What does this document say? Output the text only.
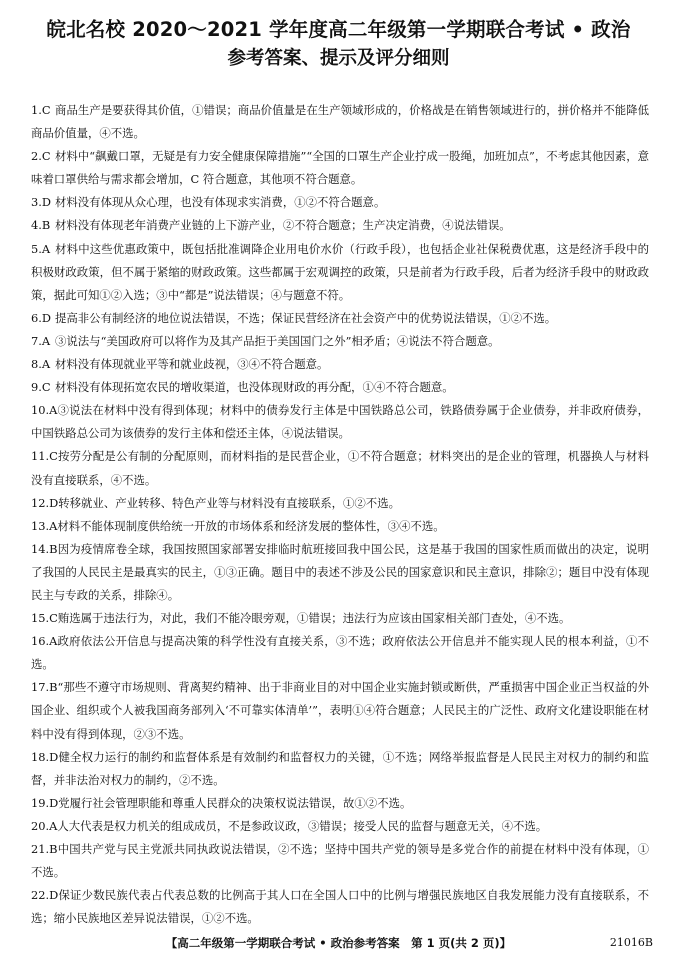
皖北名校 2020～2021 学年度高二年级第一学期联合考试 • 政治
参考答案、提示及评分细则

1.C 商品生产是要获得其价值，①错误；商品价值量是在生产领域形成的，价格战是在销售领域进行的，拼价格并不能降低商品价值量，④不选。

2.C 材料中“飙戴口罩，无疑是有力安全健康保障措施”“全国的口罩生产企业拧成一股绳，加班加点”，不考虑其他因素，意味着口罩供给与需求都会增加，C 符合题意，其他项不符合题意。

3.D 材料没有体现从众心理，也没有体现求实消费，①②不符合题意。

4.B 材料没有体现老年消费产业链的上下游产业，②不符合题意；生产决定消费，④说法错误。

5.A 材料中这些优惠政策中，既包括批准调降企业用电价水价（行政手段），也包括企业社保税费优惠，这是经济手段中的积极财政政策，但不属于紧缩的财政政策。这些都属于宏观调控的政策，只是前者为行政手段，后者为经济手段中的财政政策，据此可知①②入选；③中“都是”说法错误；④与题意不符。

6.D 提高非公有制经济的地位说法错误，不选；保证民营经济在社会资产中的优势说法错误，①②不选。

7.A ③说法与“美国政府可以将作为及其产品拒于美国国门之外”相矛盾；④说法不符合题意。

8.A 材料没有体现就业平等和就业歧视，③④不符合题意。

9.C 材料没有体现拓宽农民的增收渠道，也没体现财政的再分配，①④不符合题意。

10.A③说法在材料中没有得到体现；材料中的债券发行主体是中国铁路总公司，铁路债券属于企业债券，并非政府债券，中国铁路总公司为该债券的发行主体和偿还主体，④说法错误。

11.C按劳分配是公有制的分配原则，而材料指的是民营企业，①不符合题意；材料突出的是企业的管理，机器换人与材料没有直接联系，④不选。

12.D转移就业、产业转移、特色产业等与材料没有直接联系，①②不选。

13.A材料不能体现制度供给统一开放的市场体系和经济发展的整体性，③④不选。

14.B因为疫情席卷全球，我国按照国家部署安排临时航班接回我中国公民，这是基于我国的国家性质而做出的决定，说明了我国的人民民主是最真实的民主，①③正确。题目中的表述不涉及公民的国家意识和民主意识，排除②；题目中没有体现民主与专政的关系，排除④。

15.C贿选属于违法行为，对此，我们不能冷眼旁观，①错误；违法行为应该由国家相关部门查处，④不选。

16.A政府依法公开信息与提高决策的科学性没有直接关系，③不选；政府依法公开信息并不能实现人民的根本利益，①不选。

17.B“那些不遵守市场规则、背离契约精神、出于非商业目的对中国企业实施封锁或断供，严重损害中国企业正当权益的外国企业、组织或个人被我国商务部列入‘不可靠实体清单’”，表明①④符合题意；人民民主的广泛性、政府文化建设职能在材料中没有得到体现，②③不选。

18.D健全权力运行的制约和监督体系是有效制约和监督权力的关键，①不选；网络举报监督是人民民主对权力的制约和监督，并非法治对权力的制约，②不选。

19.D党履行社会管理职能和尊重人民群众的决策权说法错误，故①②不选。

20.A人大代表是权力机关的组成成员，不是参政议政，③错误；接受人民的监督与题意无关，④不选。

21.B中国共产党与民主党派共同执政说法错误，②不选；坚持中国共产党的领导是多党合作的前提在材料中没有体现，①不选。

22.D保证少数民族代表占代表总数的比例高于其人口在全国人口中的比例与增强民族地区自我发展能力没有直接联系，不选；缩小民族地区差异说法错误，①②不选。

【高二年级第一学期联合考试 • 政治参考答案　第 1 页(共 2 页)】	21016B
